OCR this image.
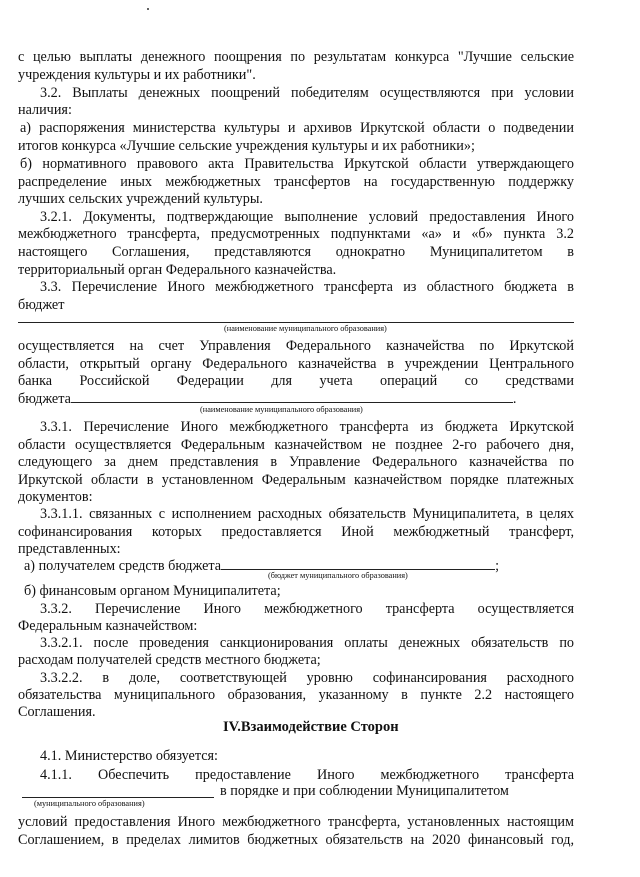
с целью выплаты денежного поощрения по результатам конкурса "Лучшие сельские
учреждения культуры и их работники".
3.2. Выплаты денежных поощрений победителям осуществляются при условии
наличия:
а) распоряжения министерства культуры и архивов Иркутской области о подведении
итогов конкурса «Лучшие сельские учреждения культуры и их работники»;
б) нормативного правового акта Правительства Иркутской области утверждающего
распределение иных межбюджетных трансфертов на государственную поддержку
лучших сельских учреждений культуры.
3.2.1. Документы, подтверждающие выполнение условий предоставления Иного
межбюджетного трансферта, предусмотренных подпунктами «а» и «б» пункта 3.2
настоящего Соглашения, представляются однократно Муниципалитетом в
территориальный орган Федерального казначейства.
3.3. Перечисление Иного межбюджетного трансферта из областного бюджета в
бюджет
(наименование муниципального образования)
осуществляется на счет Управления Федерального казначейства по Иркутской
области, открытый органу Федерального казначейства в учреждении Центрального
банка Российской Федерации для учета операций со средствами
бюджета	.
(наименование муниципального образования)
3.3.1. Перечисление Иного межбюджетного трансферта из бюджета Иркутской
области осуществляется Федеральным казначейством не позднее 2-го рабочего дня,
следующего за днем представления в Управление Федерального казначейства по
Иркутской области в установленном Федеральным казначейством порядке платежных
документов:
3.3.1.1. связанных с исполнением расходных обязательств Муниципалитета, в целях
софинансирования которых предоставляется Иной межбюджетный трансферт,
представленных:
а) получателем средств бюджета	;
(бюджет муниципального образования)
б) финансовым органом Муниципалитета;
3.3.2. Перечисление Иного межбюджетного трансферта осуществляется
Федеральным казначейством:
3.3.2.1. после проведения санкционирования оплаты денежных обязательств по
расходам получателей средств местного бюджета;
3.3.2.2. в доле, соответствующей уровню софинансирования расходного
обязательства муниципального образования, указанному в пункте 2.2 настоящего
Соглашения.
IV.Взаимодействие Сторон
4.1. Министерство обязуется:
4.1.1. Обеспечить предоставление Иного межбюджетного трансферта
в порядке и при соблюдении Муниципалитетом
(муниципального образования)
условий предоставления Иного межбюджетного трансферта, установленных настоящим
Соглашением, в пределах лимитов бюджетных обязательств на 2020 финансовый год,
